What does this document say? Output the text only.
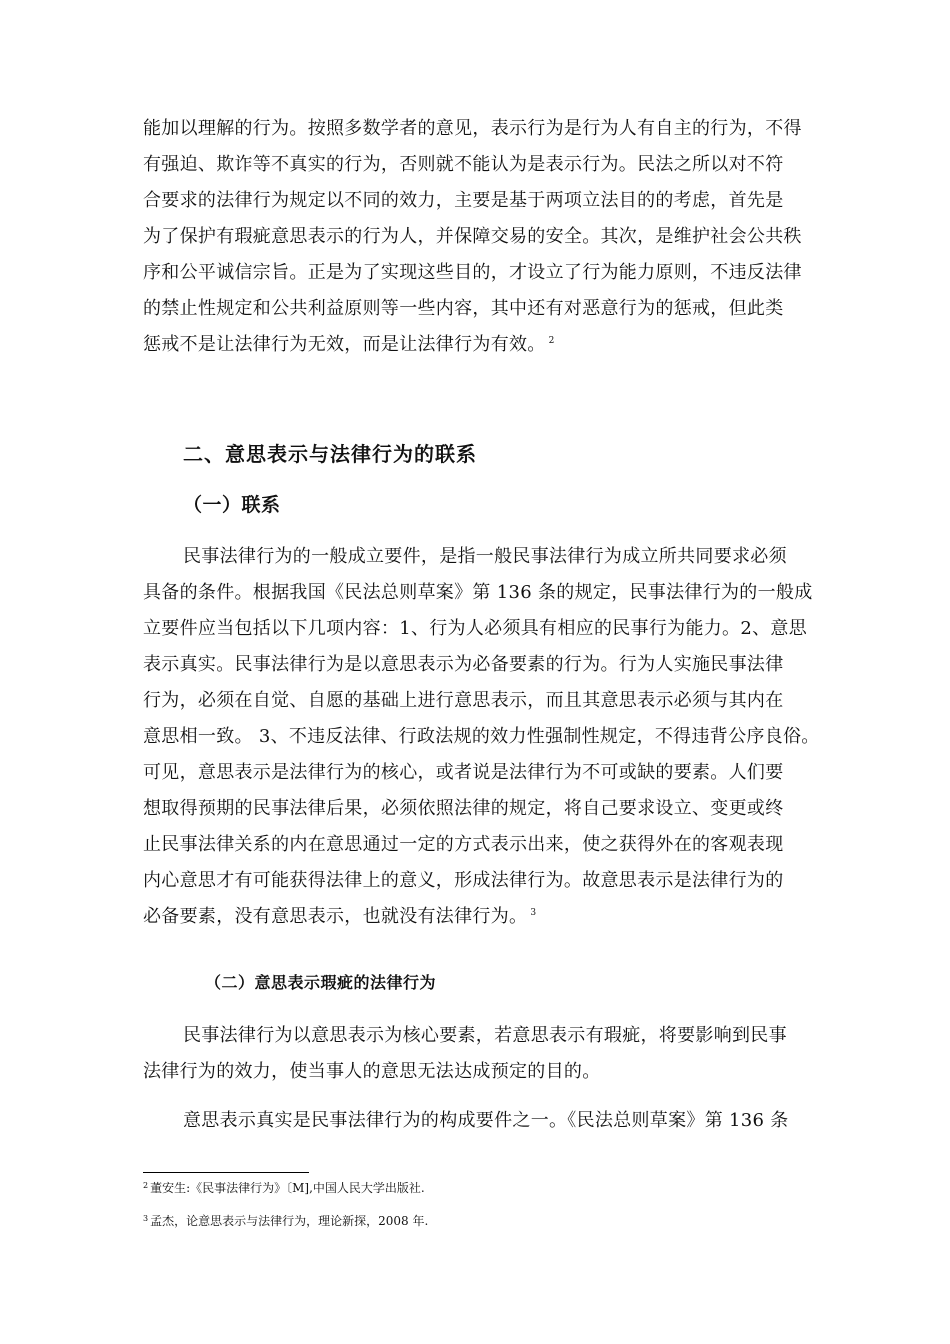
能加以理解的行为。按照多数学者的意见，表示行为是行为人有自主的行为，不得
有强迫、欺诈等不真实的行为，否则就不能认为是表示行为。民法之所以对不符
合要求的法律行为规定以不同的效力，主要是基于两项立法目的的考虑，首先是
为了保护有瑕疵意思表示的行为人，并保障交易的安全。其次，是维护社会公共秩
序和公平诚信宗旨。正是为了实现这些目的，才设立了行为能力原则，不违反法律
的禁止性规定和公共利益原则等一些内容，其中还有对恶意行为的惩戒，但此类
惩戒不是让法律行为无效，而是让法律行为有效。 $^2$
二、意思表示与法律行为的联系
（一）联系
民事法律行为的一般成立要件，是指一般民事法律行为成立所共同要求必须
具备的条件。根据我国《民法总则草案》第 136 条的规定，民事法律行为的一般成
立要件应当包括以下几项内容：1、行为人必须具有相应的民事行为能力。2、意思
表示真实。民事法律行为是以意思表示为必备要素的行为。行为人实施民事法律
行为，必须在自觉、自愿的基础上进行意思表示，而且其意思表示必须与其内在
意思相一致。 3、不违反法律、行政法规的效力性强制性规定，不得违背公序良俗。
可见，意思表示是法律行为的核心，或者说是法律行为不可或缺的要素。人们要
想取得预期的民事法律后果，必须依照法律的规定，将自己要求设立、变更或终
止民事法律关系的内在意思通过一定的方式表示出来，使之获得外在的客观表现
内心意思才有可能获得法律上的意义，形成法律行为。故意思表示是法律行为的
必备要素，没有意思表示，也就没有法律行为。 $^3$
（二）意思表示瑕疵的法律行为
民事法律行为以意思表示为核心要素，若意思表示有瑕疵，将要影响到民事
法律行为的效力，使当事人的意思无法达成预定的目的。
意思表示真实是民事法律行为的构成要件之一。《民法总则草案》第 136 条
$^2$ 董安生:《民事法律行为》〔M],中国人民大学出版社.
$^3$ 孟杰，论意思表示与法律行为，理论新探，2008 年.
